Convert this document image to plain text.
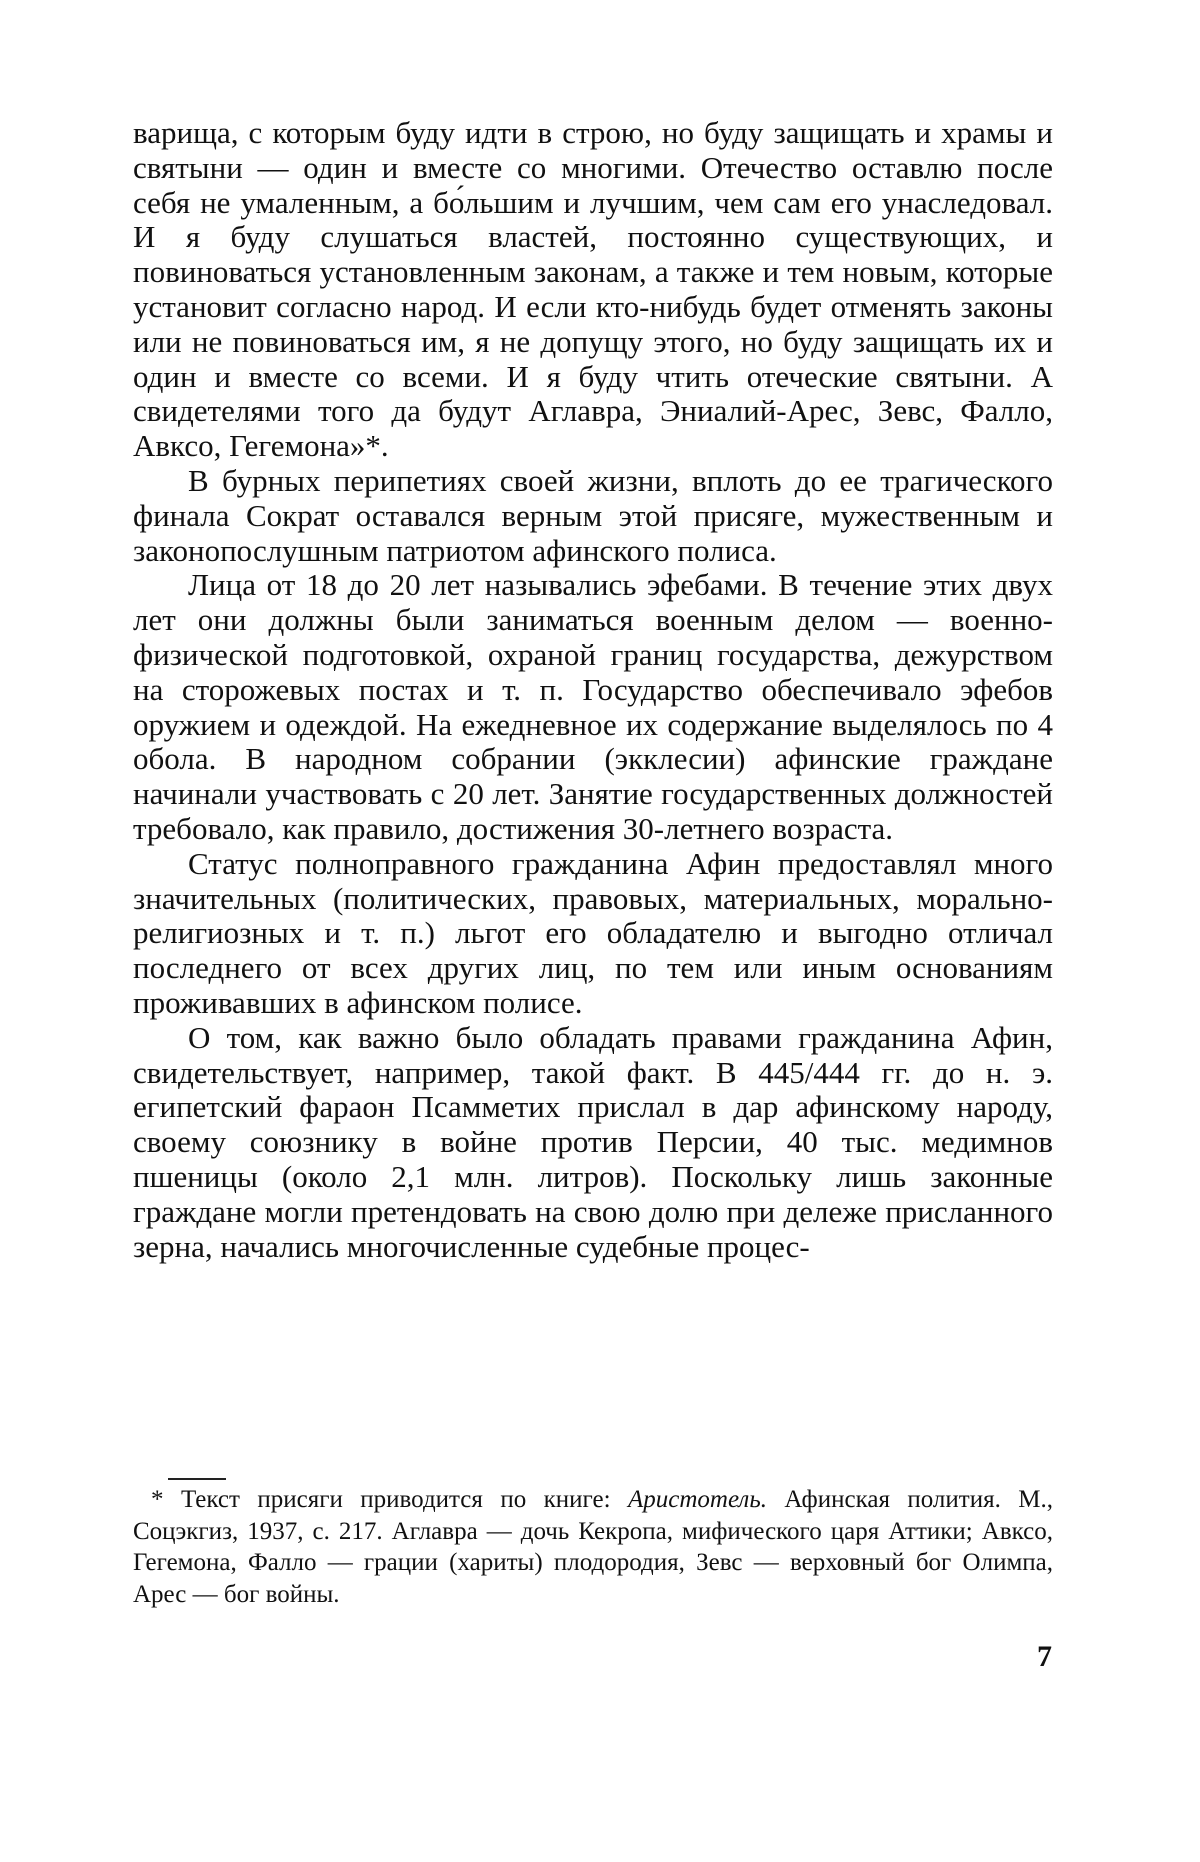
варища, с которым буду идти в строю, но буду защищать и храмы и святыни — один и вместе со многими. Отечество оставлю после себя не умаленным, а бо́льшим и лучшим, чем сам его унаследовал. И я буду слушаться властей, постоянно существующих, и повиноваться установленным законам, а также и тем новым, которые установит согласно народ. И если кто-нибудь будет отменять законы или не повиноваться им, я не допущу этого, но буду защищать их и один и вместе со всеми. И я буду чтить отеческие святыни. А свидетелями того да будут Аглавра, Эниалий-Арес, Зевс, Фалло, Авксо, Гегемона»*.

В бурных перипетиях своей жизни, вплоть до ее трагического финала Сократ оставался верным этой присяге, мужественным и законопослушным патриотом афинского полиса.

Лица от 18 до 20 лет назывались эфебами. В течение этих двух лет они должны были заниматься военным делом — военно-физической подготовкой, охраной границ государства, дежурством на сторожевых постах и т. п. Государство обеспечивало эфебов оружием и одеждой. На ежедневное их содержание выделялось по 4 обола. В народном собрании (экклесии) афинские граждане начинали участвовать с 20 лет. Занятие государственных должностей требовало, как правило, достижения 30-летнего возраста.

Статус полноправного гражданина Афин предоставлял много значительных (политических, правовых, материальных, морально-религиозных и т. п.) льгот его обладателю и выгодно отличал последнего от всех других лиц, по тем или иным основаниям проживавших в афинском полисе.

О том, как важно было обладать правами гражданина Афин, свидетельствует, например, такой факт. В 445/444 гг. до н. э. египетский фараон Псамметих прислал в дар афинскому народу, своему союзнику в войне против Персии, 40 тыс. медимнов пшеницы (около 2,1 млн. литров). Поскольку лишь законные граждане могли претендовать на свою долю при дележе присланного зерна, начались многочисленные судебные процес-

* Текст присяги приводится по книге: Аристотель. Афинская полития. М., Соцэкгиз, 1937, с. 217. Аглавра — дочь Кекропа, мифического царя Аттики; Авксо, Гегемона, Фалло — грации (хариты) плодородия, Зевс — верховный бог Олимпа, Арес — бог войны.
7
